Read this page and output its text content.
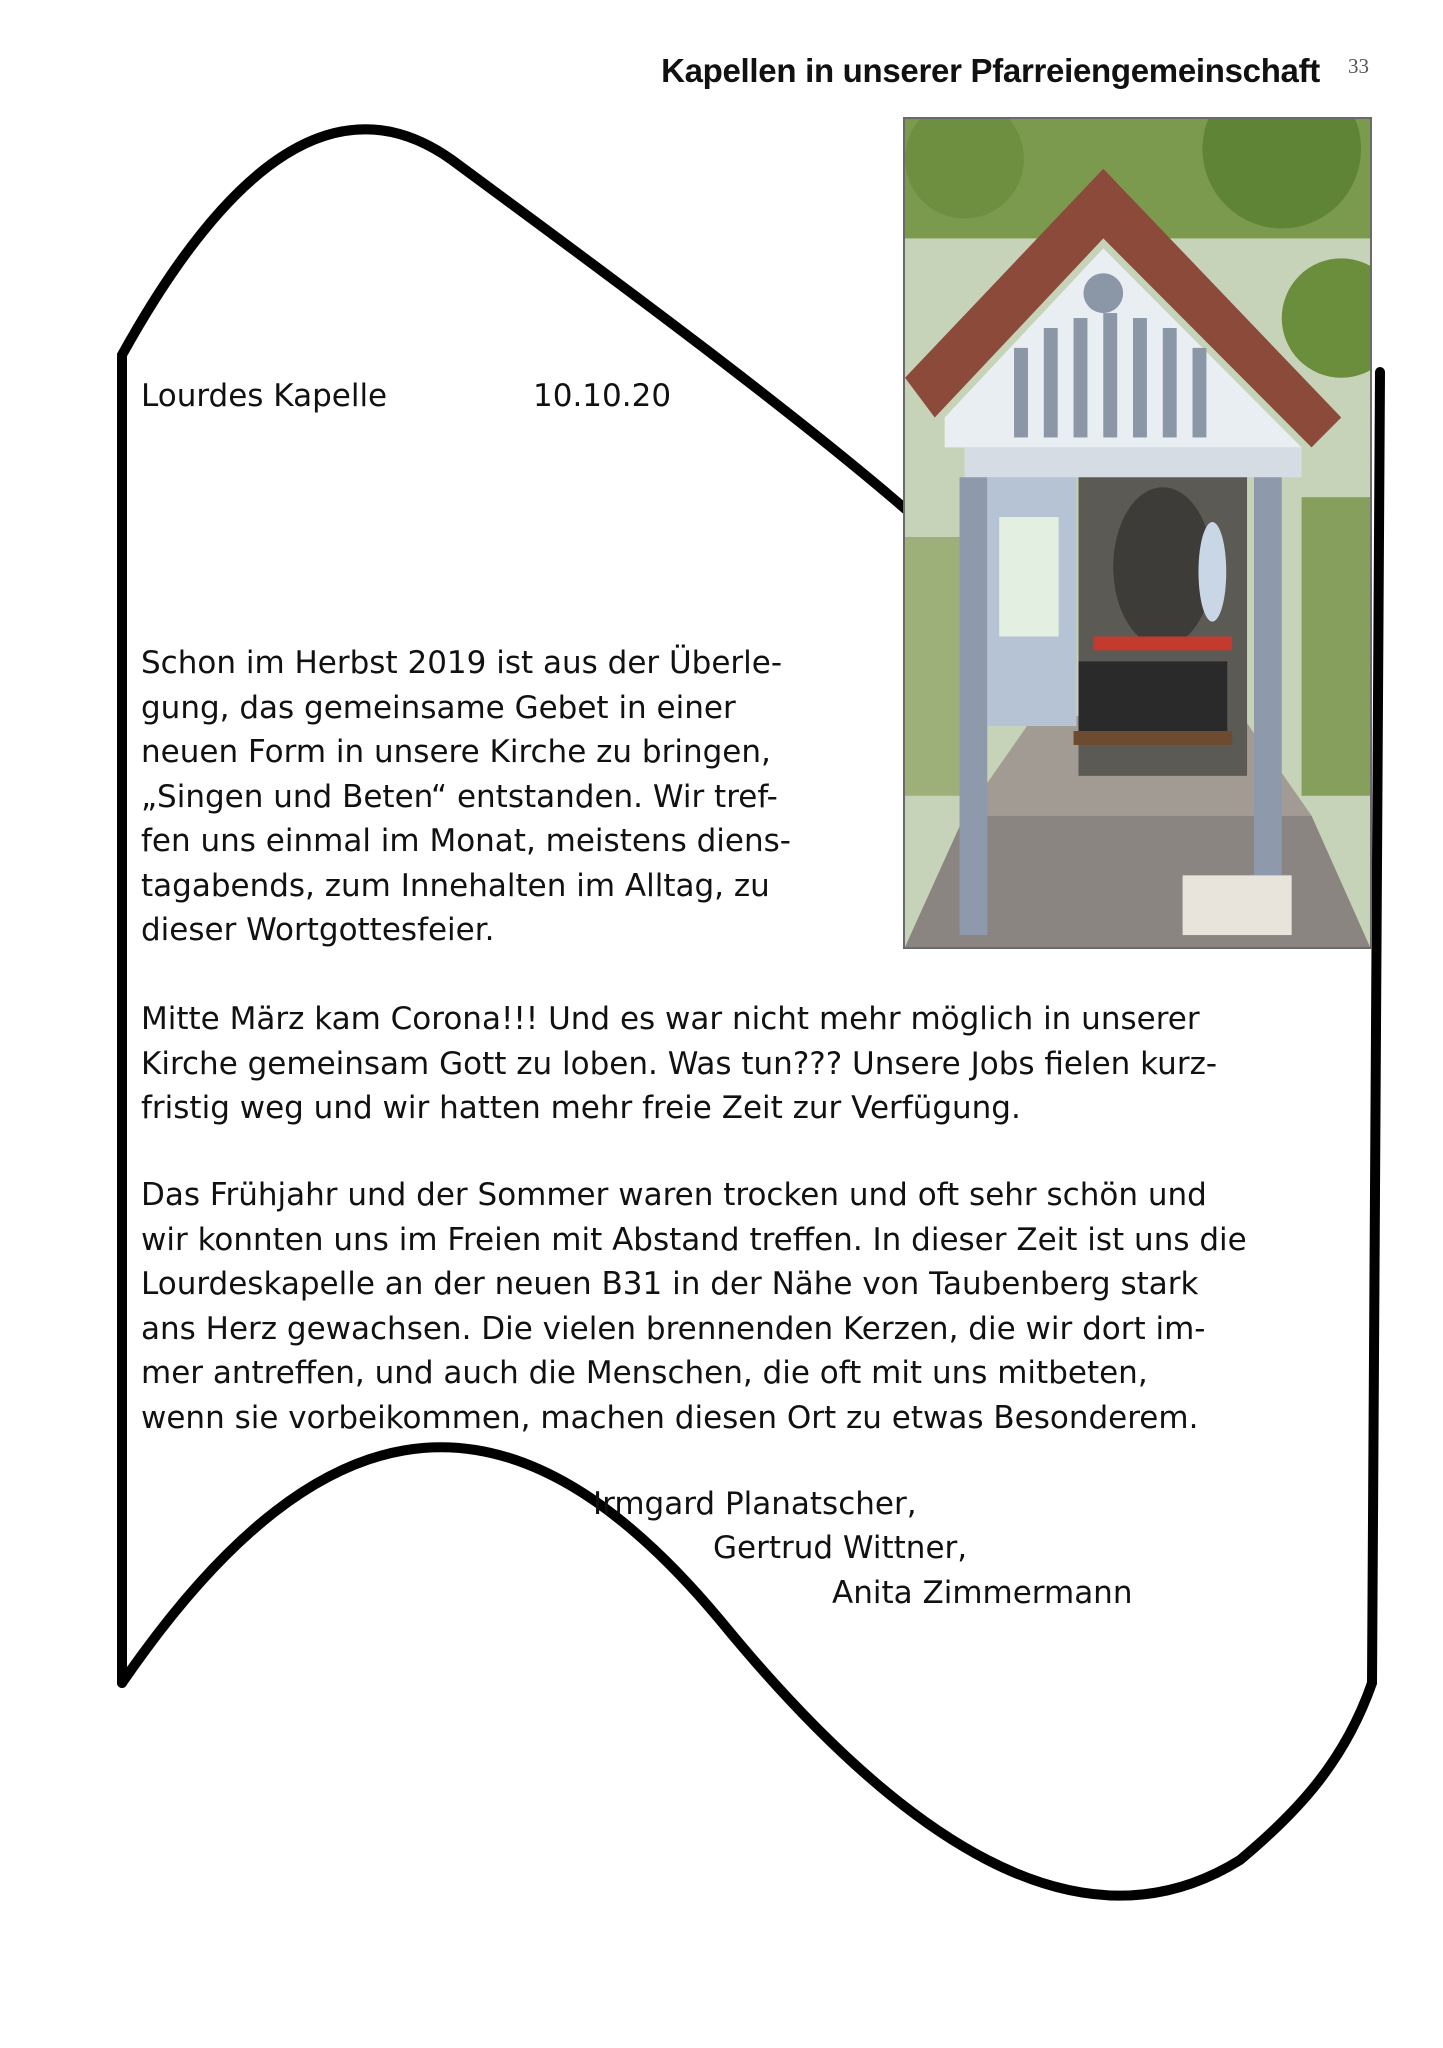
Kapellen in unserer Pfarreiengemeinschaft 33
Lourdes Kapelle	10.10.20
Schon im Herbst 2019 ist aus der Überle-
gung, das gemeinsame Gebet in einer
neuen Form in unsere Kirche zu bringen,
„Singen und Beten“ entstanden. Wir tref-
fen uns einmal im Monat, meistens diens-
tagabends, zum Innehalten im Alltag, zu
dieser Wortgottesfeier.
Mitte März kam Corona!!! Und es war nicht mehr möglich in unserer
Kirche gemeinsam Gott zu loben. Was tun??? Unsere Jobs fielen kurz-
fristig weg und wir hatten mehr freie Zeit zur Verfügung.
Das Frühjahr und der Sommer waren trocken und oft sehr schön und
wir konnten uns im Freien mit Abstand treffen. In dieser Zeit ist uns die
Lourdeskapelle an der neuen B31 in der Nähe von Taubenberg stark
ans Herz gewachsen. Die vielen brennenden Kerzen, die wir dort im-
mer antreffen, und auch die Menschen, die oft mit uns mitbeten,
wenn sie vorbeikommen, machen diesen Ort zu etwas Besonderem.
Irmgard Planatscher,
Gertrud Wittner,
Anita Zimmermann
